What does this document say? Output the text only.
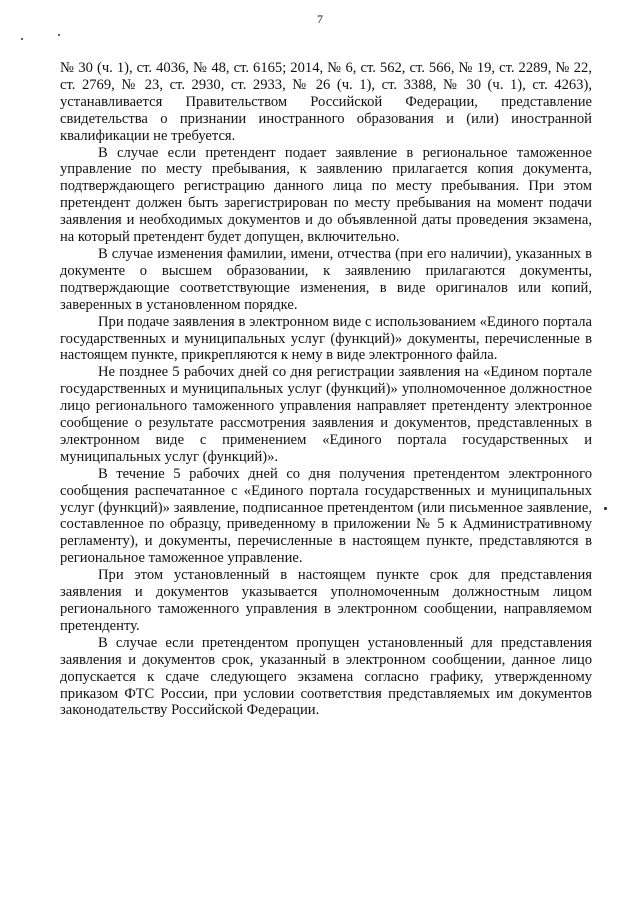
7

№ 30 (ч. 1), ст. 4036, № 48, ст. 6165; 2014, № 6, ст. 562, ст. 566, № 19, ст. 2289, № 22, ст. 2769, № 23, ст. 2930, ст. 2933, № 26 (ч. 1), ст. 3388, № 30 (ч. 1), ст. 4263), устанавливается Правительством Российской Федерации, представление свидетельства о признании иностранного образования и (или) иностранной квалификации не требуется.

В случае если претендент подает заявление в региональное таможенное управление по месту пребывания, к заявлению прилагается копия документа, подтверждающего регистрацию данного лица по месту пребывания. При этом претендент должен быть зарегистрирован по месту пребывания на момент подачи заявления и необходимых документов и до объявленной даты проведения экзамена, на который претендент будет допущен, включительно.

В случае изменения фамилии, имени, отчества (при его наличии), указанных в документе о высшем образовании, к заявлению прилагаются документы, подтверждающие соответствующие изменения, в виде оригиналов или копий, заверенных в установленном порядке.

При подаче заявления в электронном виде с использованием «Единого портала государственных и муниципальных услуг (функций)» документы, перечисленные в настоящем пункте, прикрепляются к нему в виде электронного файла.

Не позднее 5 рабочих дней со дня регистрации заявления на «Едином портале государственных и муниципальных услуг (функций)» уполномоченное должностное лицо регионального таможенного управления направляет претенденту электронное сообщение о результате рассмотрения заявления и документов, представленных в электронном виде с применением «Единого портала государственных и муниципальных услуг (функций)».

В течение 5 рабочих дней со дня получения претендентом электронного сообщения распечатанное с «Единого портала государственных и муниципальных услуг (функций)» заявление, подписанное претендентом (или письменное заявление, составленное по образцу, приведенному в приложении № 5 к Административному регламенту), и документы, перечисленные в настоящем пункте, представляются в региональное таможенное управление.

При этом установленный в настоящем пункте срок для представления заявления и документов указывается уполномоченным должностным лицом регионального таможенного управления в электронном сообщении, направляемом претенденту.

В случае если претендентом пропущен установленный для представления заявления и документов срок, указанный в электронном сообщении, данное лицо допускается к сдаче следующего экзамена согласно графику, утвержденному приказом ФТС России, при условии соответствия представляемых им документов законодательству Российской Федерации.
